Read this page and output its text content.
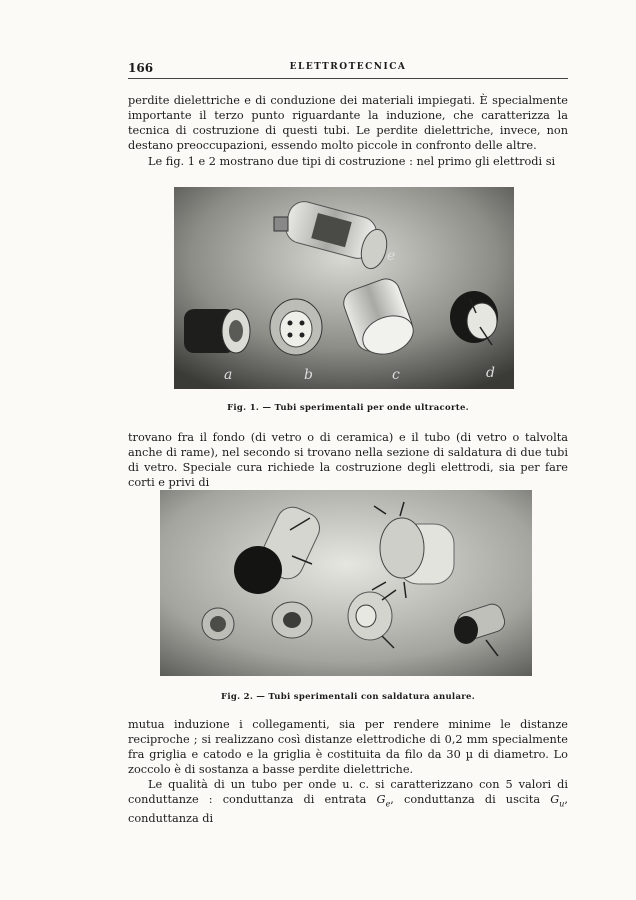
166	ELETTROTECNICA

perdite dielettriche e di conduzione dei materiali impiegati. È specialmente importante il terzo punto riguardante la induzione, che caratterizza la tecnica di costruzione di questi tubi. Le perdite dielettriche, invece, non destano preoccupazioni, essendo molto piccole in confronto delle altre.

Le fig. 1 e 2 mostrano due tipi di costruzione : nel primo gli elettrodi si

a	b	c	d
e
Fig. 1. — Tubi sperimentali per onde ultracorte.

trovano fra il fondo (di vetro o di ceramica) e il tubo (di vetro o talvolta anche di rame), nel secondo si trovano nella sezione di saldatura di due tubi di vetro. Speciale cura richiede la costruzione degli elettrodi, sia per fare corti e privi di

Fig. 2. — Tubi sperimentali con saldatura anulare.

mutua induzione i collegamenti, sia per rendere minime le distanze reciproche ; si realizzano così distanze elettrodiche di 0,2 mm specialmente fra griglia e catodo e la griglia è costituita da filo da 30 µ di diametro. Lo zoccolo è di sostanza a basse perdite dielettriche.

Le qualità di un tubo per onde u. c. si caratterizzano con 5 valori di conduttanze : conduttanza di entrata $G_e$, conduttanza di uscita $G_u$, conduttanza di
